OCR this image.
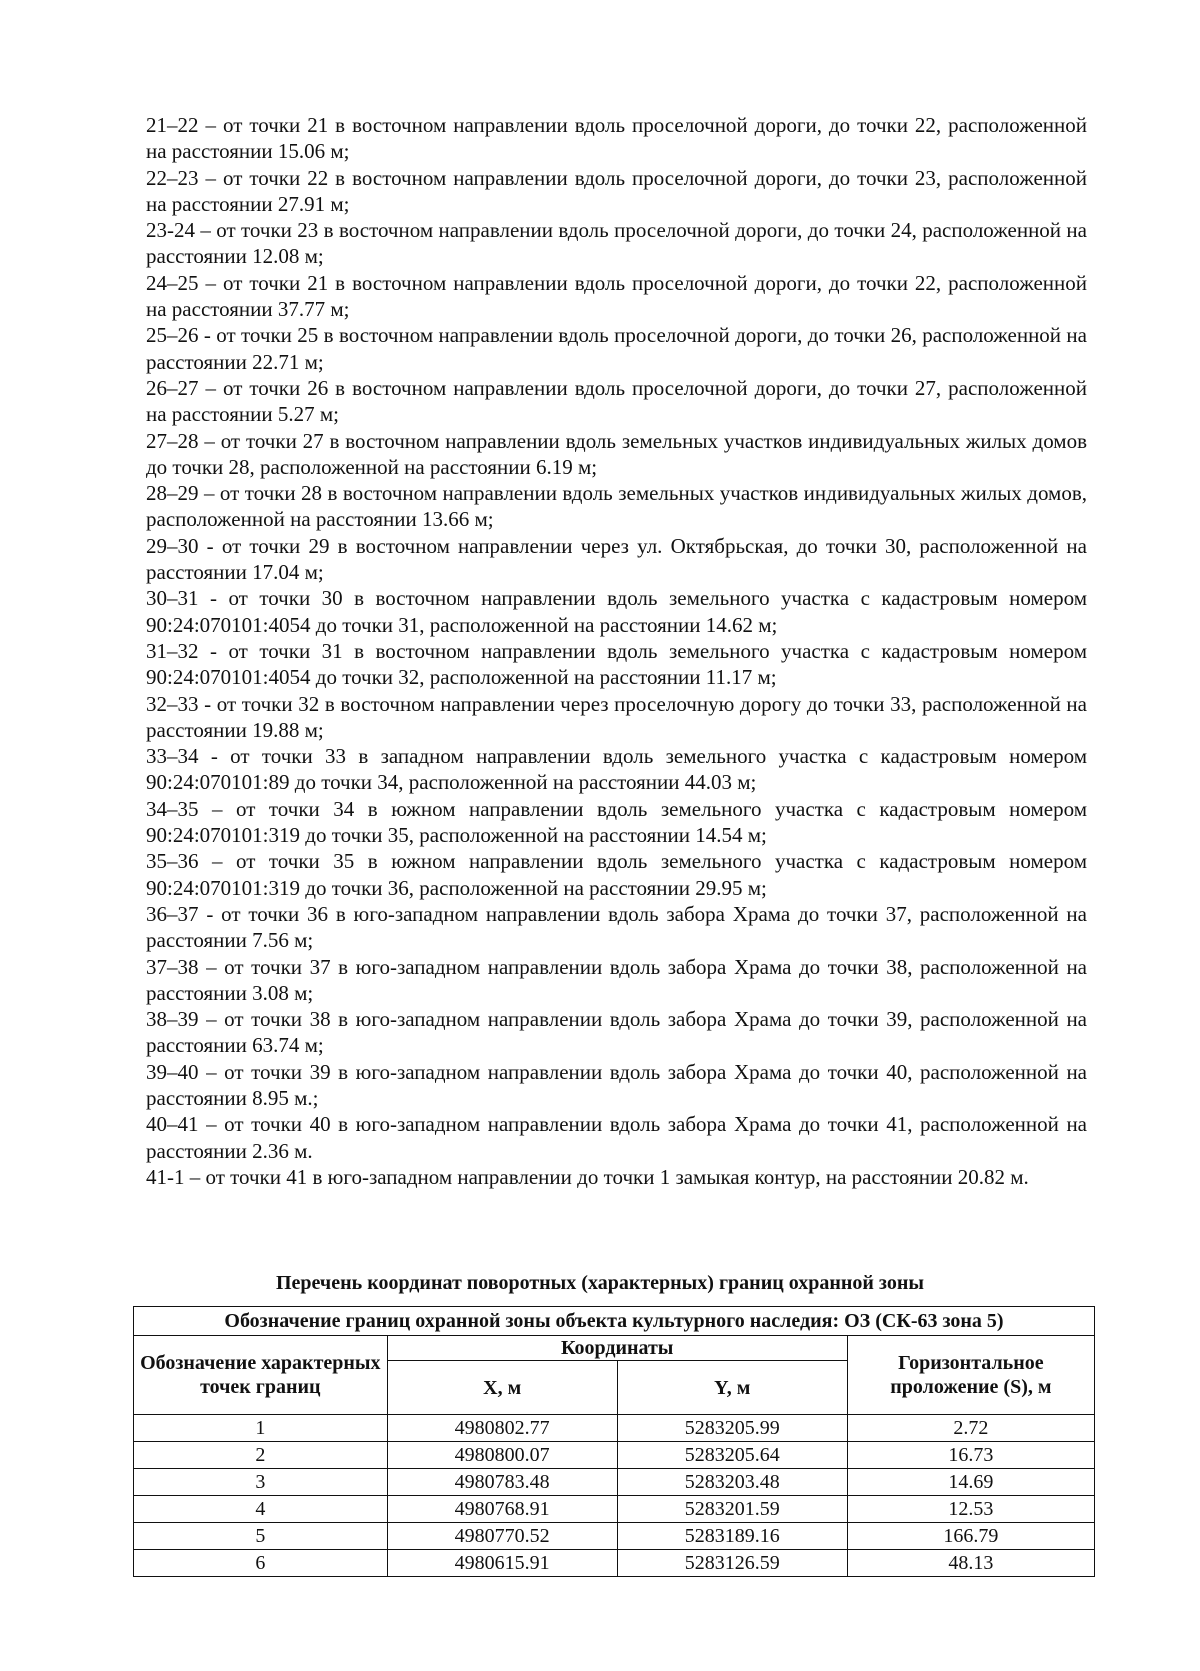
21–22 – от точки 21 в восточном направлении вдоль проселочной дороги, до точки 22, расположенной на расстоянии 15.06 м;

22–23 – от точки 22 в восточном направлении вдоль проселочной дороги, до точки 23, расположенной на расстоянии 27.91 м;

23-24 – от точки 23 в восточном направлении вдоль проселочной дороги, до точки 24, расположенной на расстоянии 12.08 м;

24–25 – от точки 21 в восточном направлении вдоль проселочной дороги, до точки 22, расположенной на расстоянии 37.77 м;

25–26 - от точки 25 в восточном направлении вдоль проселочной дороги, до точки 26, расположенной на расстоянии 22.71 м;

26–27 – от точки 26 в восточном направлении вдоль проселочной дороги, до точки 27, расположенной на расстоянии 5.27 м;

27–28 – от точки 27 в восточном направлении вдоль земельных участков индивидуальных жилых домов до точки 28, расположенной на расстоянии 6.19 м;

28–29 – от точки 28 в восточном направлении вдоль земельных участков индивидуальных жилых домов, расположенной на расстоянии 13.66 м;

29–30 - от точки 29 в восточном направлении через ул. Октябрьская, до точки 30, расположенной на расстоянии 17.04 м;

30–31 - от точки 30 в восточном направлении вдоль земельного участка с кадастровым номером 90:24:070101:4054 до точки 31, расположенной на расстоянии 14.62 м;

31–32 - от точки 31 в восточном направлении вдоль земельного участка с кадастровым номером 90:24:070101:4054 до точки 32, расположенной на расстоянии 11.17 м;

32–33 - от точки 32 в восточном направлении через проселочную дорогу до точки 33, расположенной на расстоянии 19.88 м;

33–34 - от точки 33 в западном направлении вдоль земельного участка с кадастровым номером 90:24:070101:89 до точки 34, расположенной на расстоянии 44.03 м;

34–35 – от точки 34 в южном направлении вдоль земельного участка с кадастровым номером 90:24:070101:319 до точки 35, расположенной на расстоянии 14.54 м;

35–36 – от точки 35 в южном направлении вдоль земельного участка с кадастровым номером 90:24:070101:319 до точки 36, расположенной на расстоянии 29.95 м;

36–37 - от точки 36 в юго-западном направлении вдоль забора Храма до точки 37, расположенной на расстоянии 7.56 м;

37–38 – от точки 37 в юго-западном направлении вдоль забора Храма до точки 38, расположенной на расстоянии 3.08 м;

38–39 – от точки 38 в юго-западном направлении вдоль забора Храма до точки 39, расположенной на расстоянии 63.74 м;

39–40 – от точки 39 в юго-западном направлении вдоль забора Храма до точки 40, расположенной на расстоянии 8.95 м.;

40–41 – от точки 40 в юго-западном направлении вдоль забора Храма до точки 41, расположенной на расстоянии 2.36 м.

41-1 – от точки 41 в юго-западном направлении до точки 1 замыкая контур, на расстоянии 20.82 м.

Перечень координат поворотных (характерных) границ охранной зоны
Обозначение границ охранной зоны объекта культурного наследия: ОЗ (СК-63 зона 5)			
Обозначение характерных точек границ	Координаты		Горизонтальное проложение (S), м
	X, м	Y, м	
1	4980802.77	5283205.99	2.72
2	4980800.07	5283205.64	16.73
3	4980783.48	5283203.48	14.69
4	4980768.91	5283201.59	12.53
5	4980770.52	5283189.16	166.79
6	4980615.91	5283126.59	48.13
